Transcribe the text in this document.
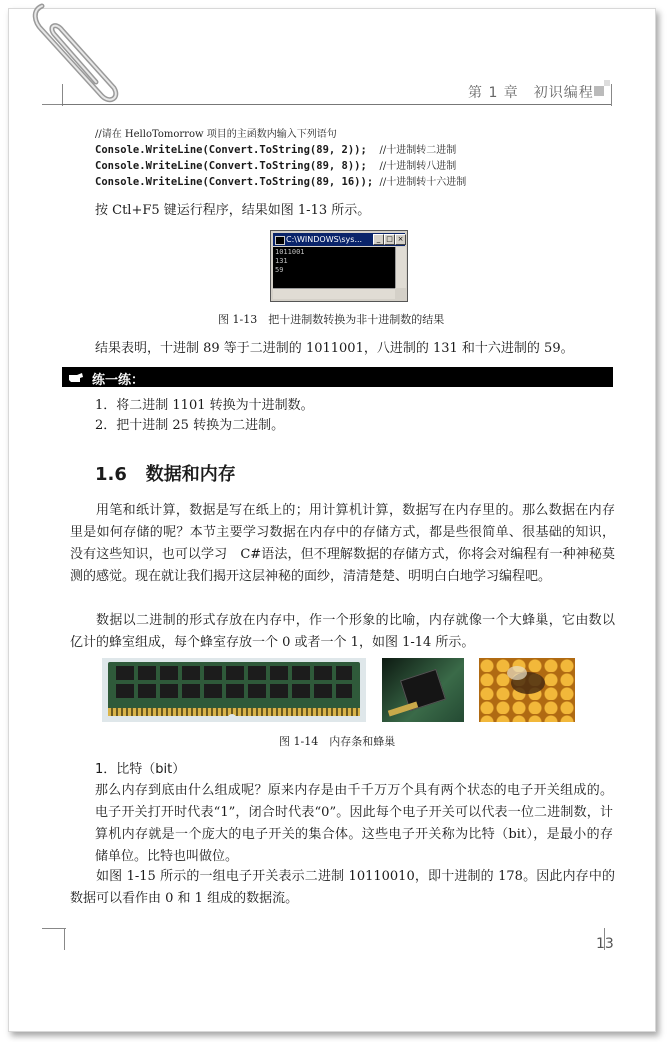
第 1 章　初识编程
//请在 HelloTomorrow 项目的主函数内输入下列语句
Console.WriteLine(Convert.ToString(89, 2)); //十进制转二进制
Console.WriteLine(Convert.ToString(89, 8)); //十进制转八进制
Console.WriteLine(Convert.ToString(89, 16)); //十进制转十六进制
按 Ctl+F5 键运行程序，结果如图 1-13 所示。
C:\WINDOWS\sys...	_ □ ×
1011001
131
59
图 1-13　把十进制数转换为非十进制数的结果
结果表明，十进制 89 等于二进制的 1011001，八进制的 131 和十六进制的 59。
练一练：
1．将二进制 1101 转换为十进制数。
2．把十进制 25 转换为二进制。
1.6 数据和内存
用笔和纸计算，数据是写在纸上的；用计算机计算，数据写在内存里的。那么数据在内存里是如何存储的呢？本节主要学习数据在内存中的存储方式，都是些很简单、很基础的知识，没有这些知识，也可以学习　C#语法，但不理解数据的存储方式，你将会对编程有一种神秘莫测的感觉。现在就让我们揭开这层神秘的面纱，清清楚楚、明明白白地学习编程吧。
数据以二进制的形式存放在内存中，作一个形象的比喻，内存就像一个大蜂巢，它由数以亿计的蜂室组成，每个蜂室存放一个 0 或者一个 1，如图 1-14 所示。
图 1-14　内存条和蜂巢
1．比特（bit）
那么内存到底由什么组成呢？原来内存是由千千万万个具有两个状态的电子开关组成的。电子开关打开时代表“1”，闭合时代表“0”。因此每个电子开关可以代表一位二进制数，计算机内存就是一个庞大的电子开关的集合体。这些电子开关称为比特（bit），是最小的存储单位。比特也叫做位。
如图 1-15 所示的一组电子开关表示二进制 10110010，即十进制的 178。因此内存中的数据可以看作由 0 和 1 组成的数据流。
13
